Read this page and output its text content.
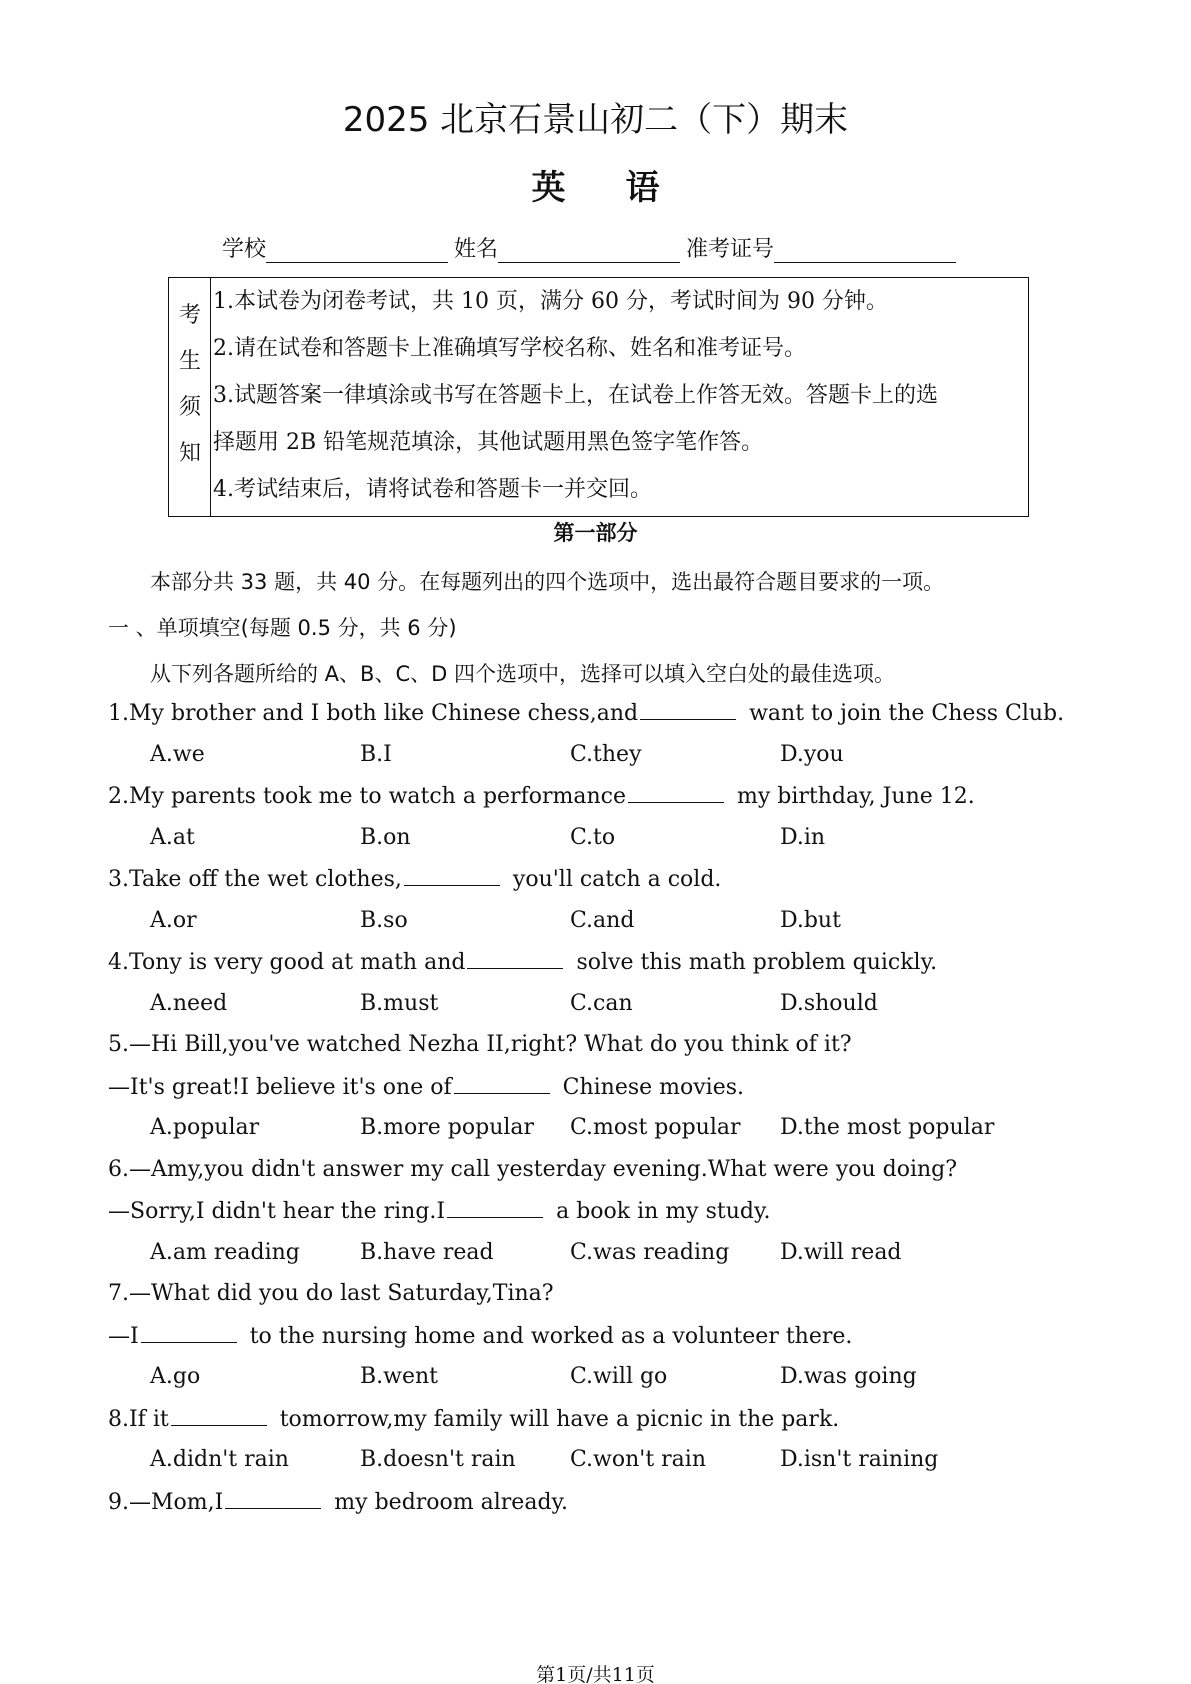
2025 北京石景山初二（下）期末
英语
学校	姓名	准考证号
考
生
须
知
1.本试卷为闭卷考试，共 10 页，满分 60 分，考试时间为 90 分钟。
2.请在试卷和答题卡上准确填写学校名称、姓名和准考证号。
3.试题答案一律填涂或书写在答题卡上，在试卷上作答无效。答题卡上的选
择题用 2B 铅笔规范填涂，其他试题用黑色签字笔作答。
4.考试结束后，请将试卷和答题卡一并交回。
第一部分
本部分共 33 题，共 40 分。在每题列出的四个选项中，选出最符合题目要求的一项。
一 、单项填空(每题 0.5 分，共 6 分)
从下列各题所给的 A、B、C、D 四个选项中，选择可以填入空白处的最佳选项。
1.My brother and I both like Chinese chess,and	want to join the Chess Club.
A.we	B.I	C.they	D.you
2.My parents took me to watch a performance	my birthday, June 12.
A.at	B.on	C.to	D.in
3.Take off the wet clothes,	you'll catch a cold.
A.or	B.so	C.and	D.but
4.Tony is very good at math and	solve this math problem quickly.
A.need	B.must	C.can	D.should
5.—Hi Bill,you've watched Nezha II,right? What do you think of it?
—It's great!I believe it's one of	Chinese movies.
A.popular	B.more popular C.most popular D.the most popular
6.—Amy,you didn't answer my call yesterday evening.What were you doing?
—Sorry,I didn't hear the ring.I	a book in my study.
A.am reading	B.have read	C.was reading D.will read
7.—What did you do last Saturday,Tina?
—I	to the nursing home and worked as a volunteer there.
A.go	B.went	C.will go	D.was going
8.If it	tomorrow,my family will have a picnic in the park.
A.didn't rain	B.doesn't rain C.won't rain	D.isn't raining
9.—Mom,I	my bedroom already.
第1页/共11页
